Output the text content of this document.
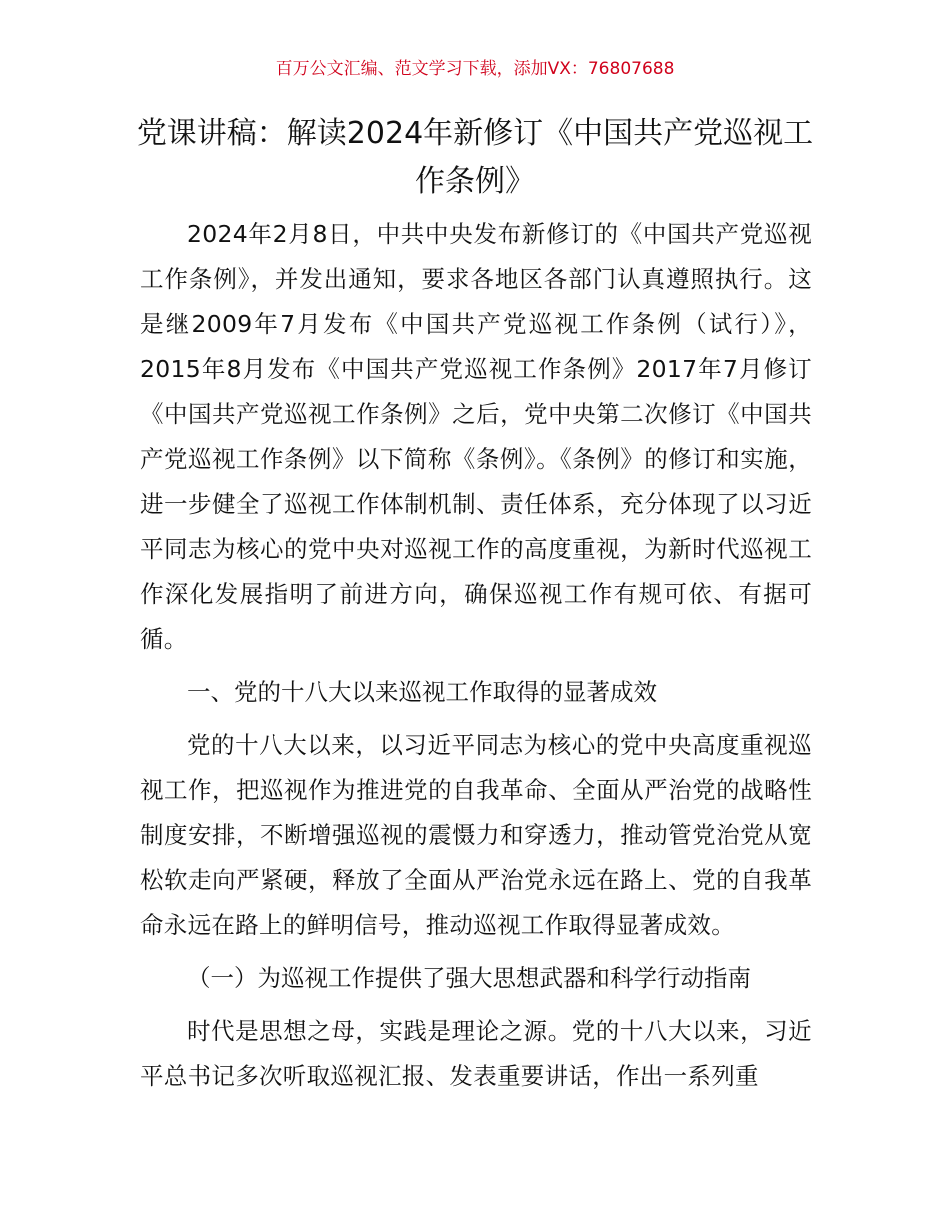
百万公文汇编、范文学习下载，添加VX：76807688
党课讲稿：解读2024年新修订《中国共产党巡视工作条例》

2024年2月8日，中共中央发布新修订的《中国共产党巡视工作条例》，并发出通知，要求各地区各部门认真遵照执行。这是继2009年7月发布《中国共产党巡视工作条例（试行）》，2015年8月发布《中国共产党巡视工作条例》2017年7月修订《中国共产党巡视工作条例》之后，党中央第二次修订《中国共产党巡视工作条例》以下简称《条例》。《条例》的修订和实施，进一步健全了巡视工作体制机制、责任体系，充分体现了以习近平同志为核心的党中央对巡视工作的高度重视，为新时代巡视工作深化发展指明了前进方向，确保巡视工作有规可依、有据可循。

一、党的十八大以来巡视工作取得的显著成效

党的十八大以来，以习近平同志为核心的党中央高度重视巡视工作，把巡视作为推进党的自我革命、全面从严治党的战略性制度安排，不断增强巡视的震慑力和穿透力，推动管党治党从宽松软走向严紧硬，释放了全面从严治党永远在路上、党的自我革命永远在路上的鲜明信号，推动巡视工作取得显著成效。

（一）为巡视工作提供了强大思想武器和科学行动指南

时代是思想之母，实践是理论之源。党的十八大以来，习近平总书记多次听取巡视汇报、发表重要讲话，作出一系列重
